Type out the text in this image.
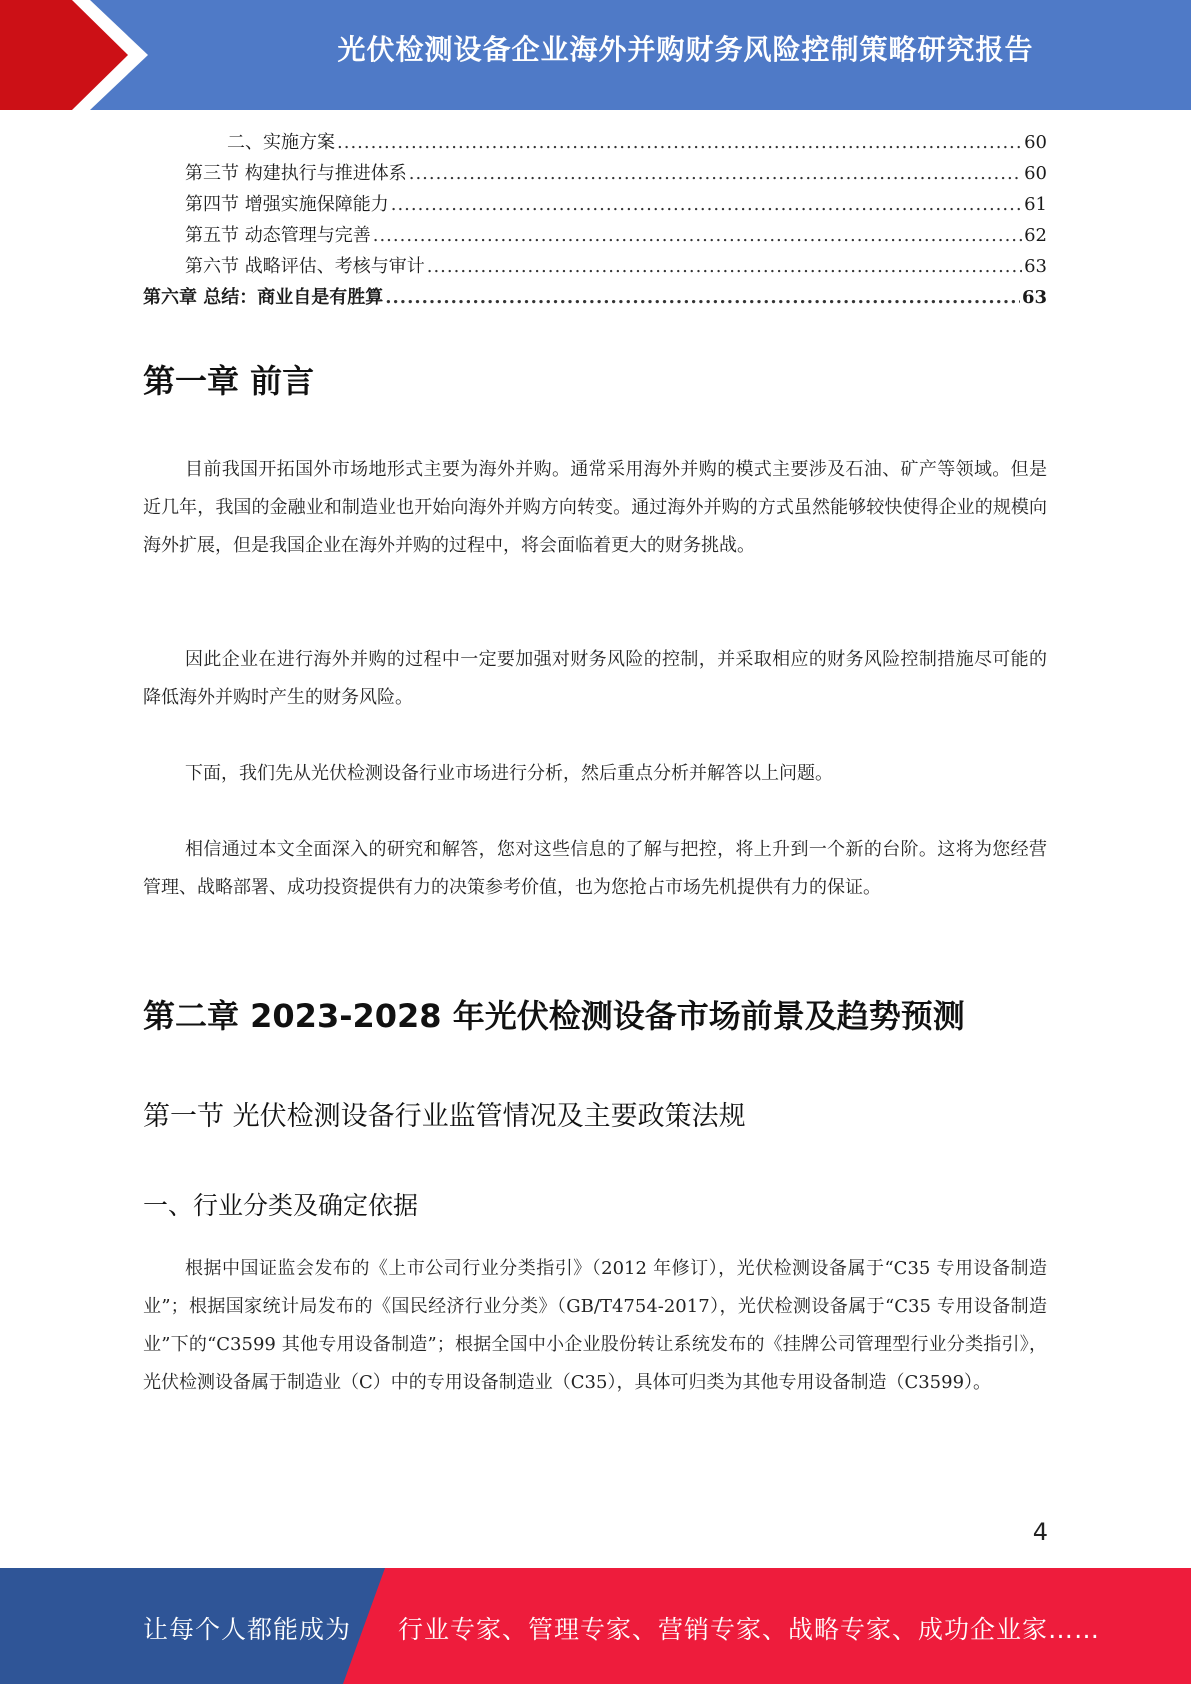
光伏检测设备企业海外并购财务风险控制策略研究报告
二、实施方案 .....	60
第三节 构建执行与推进体系 .....	60
第四节 增强实施保障能力 .....	61
第五节 动态管理与完善 .....	62
第六节 战略评估、考核与审计 .....	63
第六章 总结：商业自是有胜算 .....	63
第一章 前言

目前我国开拓国外市场地形式主要为海外并购。通常采用海外并购的模式主要涉及石油、矿产等领域。但是近几年，我国的金融业和制造业也开始向海外并购方向转变。通过海外并购的方式虽然能够较快使得企业的规模向海外扩展，但是我国企业在海外并购的过程中，将会面临着更大的财务挑战。

因此企业在进行海外并购的过程中一定要加强对财务风险的控制，并采取相应的财务风险控制措施尽可能的降低海外并购时产生的财务风险。

下面，我们先从光伏检测设备行业市场进行分析，然后重点分析并解答以上问题。

相信通过本文全面深入的研究和解答，您对这些信息的了解与把控，将上升到一个新的台阶。这将为您经营管理、战略部署、成功投资提供有力的决策参考价值，也为您抢占市场先机提供有力的保证。

第二章 2023-2028 年光伏检测设备市场前景及趋势预测
第一节 光伏检测设备行业监管情况及主要政策法规
一、行业分类及确定依据

根据中国证监会发布的《上市公司行业分类指引》（2012 年修订），光伏检测设备属于“C35 专用设备制造业”；根据国家统计局发布的《国民经济行业分类》（GB/T4754-2017），光伏检测设备属于“C35 专用设备制造业”下的“C3599 其他专用设备制造”；根据全国中小企业股份转让系统发布的《挂牌公司管理型行业分类指引》，光伏检测设备属于制造业（C）中的专用设备制造业（C35），具体可归类为其他专用设备制造（C3599）。

4
让每个人都能成为 行业专家、管理专家、营销专家、战略专家、成功企业家……
